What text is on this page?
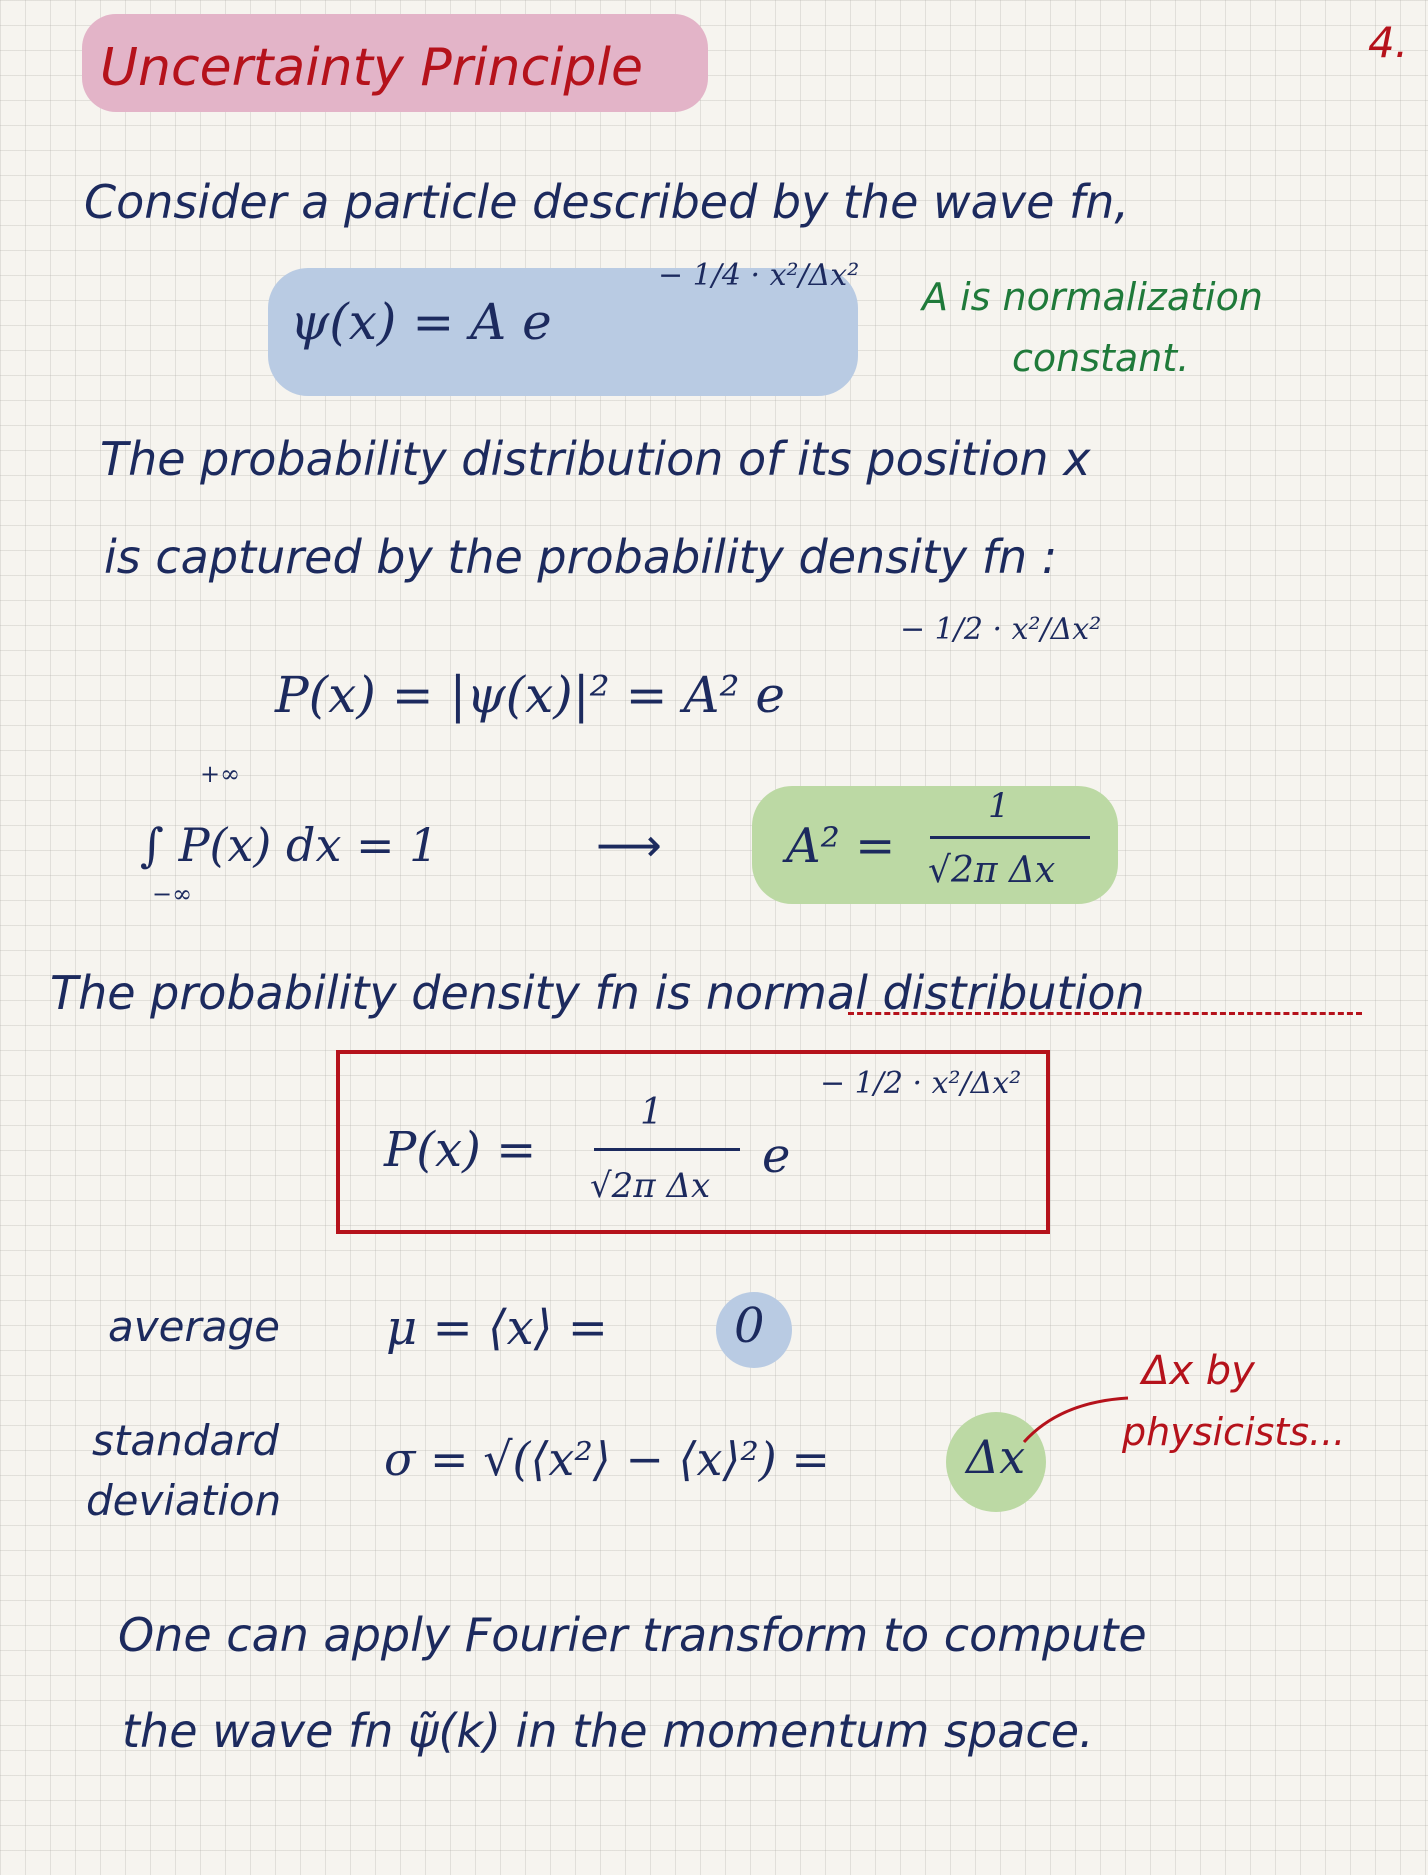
4.
Uncertainty Principle
Consider a particle described by the wave fn,
ψ(x) = A e
− 1/4 · x²/Δx² A is normalization
constant.
The probability distribution of its position x
is captured by the probability density fn :
P(x) = |ψ(x)|² = A² e
− 1/2 · x²/Δx²
+∞
∫ P(x) dx = 1
−∞
⟶	A² =
1
√2π Δx
The probability density fn is normal distribution
P(x) =
1
√2π Δx
e
− 1/2 · x²/Δx²
average μ = ⟨x⟩ =	0
standard
deviation
σ = √(⟨x²⟩ − ⟨x⟩²) =	Δx
Δx by
physicists...
One can apply Fourier transform to compute
the wave fn ψ̃(k) in the momentum space.
